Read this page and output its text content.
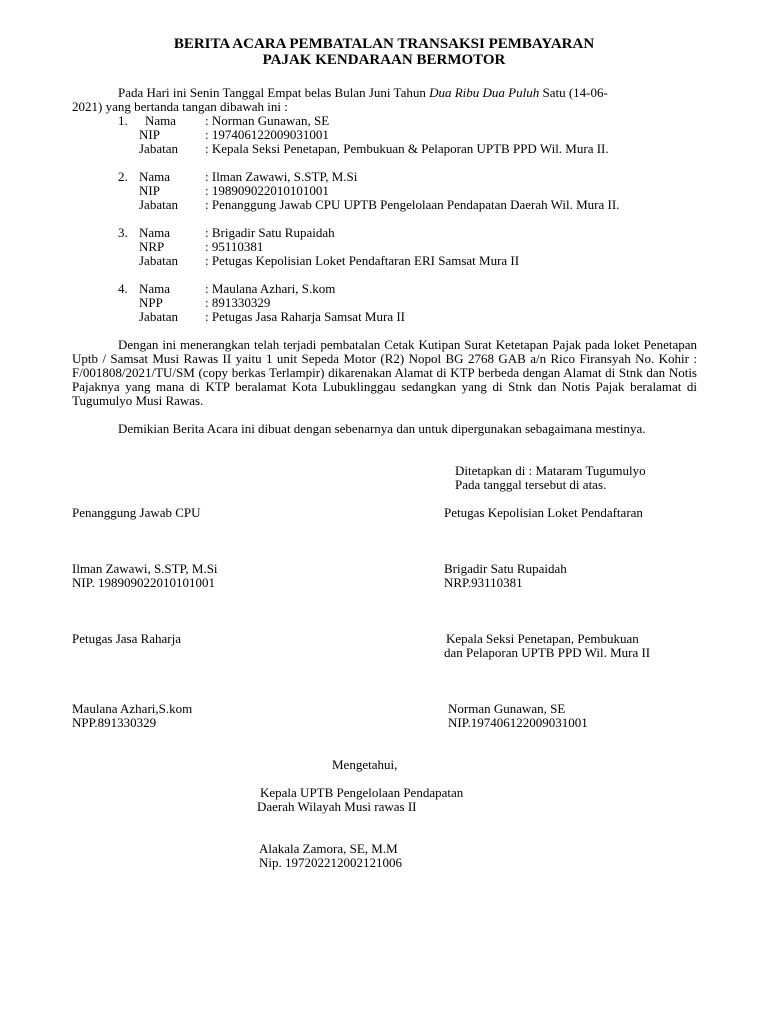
BERITA ACARA PEMBATALAN TRANSAKSI PEMBAYARAN
PAJAK KENDARAAN BERMOTOR
Pada Hari ini Senin Tanggal Empat belas Bulan Juni Tahun Dua Ribu Dua Puluh Satu (14-06-
2021) yang bertanda tangan dibawah ini :
1. Nama : Norman Gunawan, SE
NIP	: 197406122009031001
Jabatan : Kepala Seksi Penetapan, Pembukuan & Pelaporan UPTB PPD Wil. Mura II.
2. Nama	: Ilman Zawawi, S.STP, M.Si
NIP	: 198909022010101001
Jabatan : Penanggung Jawab CPU UPTB Pengelolaan Pendapatan Daerah Wil. Mura II.
3. Nama	: Brigadir Satu Rupaidah
NRP	: 95110381
Jabatan : Petugas Kepolisian Loket Pendaftaran ERI Samsat Mura II
4. Nama	: Maulana Azhari, S.kom
NPP	: 891330329
Jabatan : Petugas Jasa Raharja Samsat Mura II
Dengan ini menerangkan telah terjadi pembatalan Cetak Kutipan Surat Ketetapan Pajak pada loket Penetapan Uptb / Samsat Musi Rawas II yaitu 1 unit Sepeda Motor (R2) Nopol BG 2768 GAB a/n Rico Firansyah No. Kohir : F/001808/2021/TU/SM (copy berkas Terlampir) dikarenakan Alamat di KTP berbeda dengan Alamat di Stnk dan Notis Pajaknya yang mana di KTP beralamat Kota Lubuklinggau sedangkan yang di Stnk dan Notis Pajak beralamat di Tugumulyo Musi Rawas.
Demikian Berita Acara ini dibuat dengan sebenarnya dan untuk dipergunakan sebagaimana mestinya.
Ditetapkan di : Mataram Tugumulyo
Pada tanggal tersebut di atas.
Penanggung Jawab CPU	Petugas Kepolisian Loket Pendaftaran
Ilman Zawawi, S.STP, M.Si
NIP. 198909022010101001
Brigadir Satu Rupaidah
NRP.93110381
Petugas Jasa Raharja	Kepala Seksi Penetapan, Pembukuan
dan Pelaporan UPTB PPD Wil. Mura II
Maulana Azhari,S.kom
NPP.891330329
Norman Gunawan, SE
NIP.197406122009031001
Mengetahui,
Kepala UPTB Pengelolaan Pendapatan
Daerah Wilayah Musi rawas II
Alakala Zamora, SE, M.M
Nip. 197202212002121006
